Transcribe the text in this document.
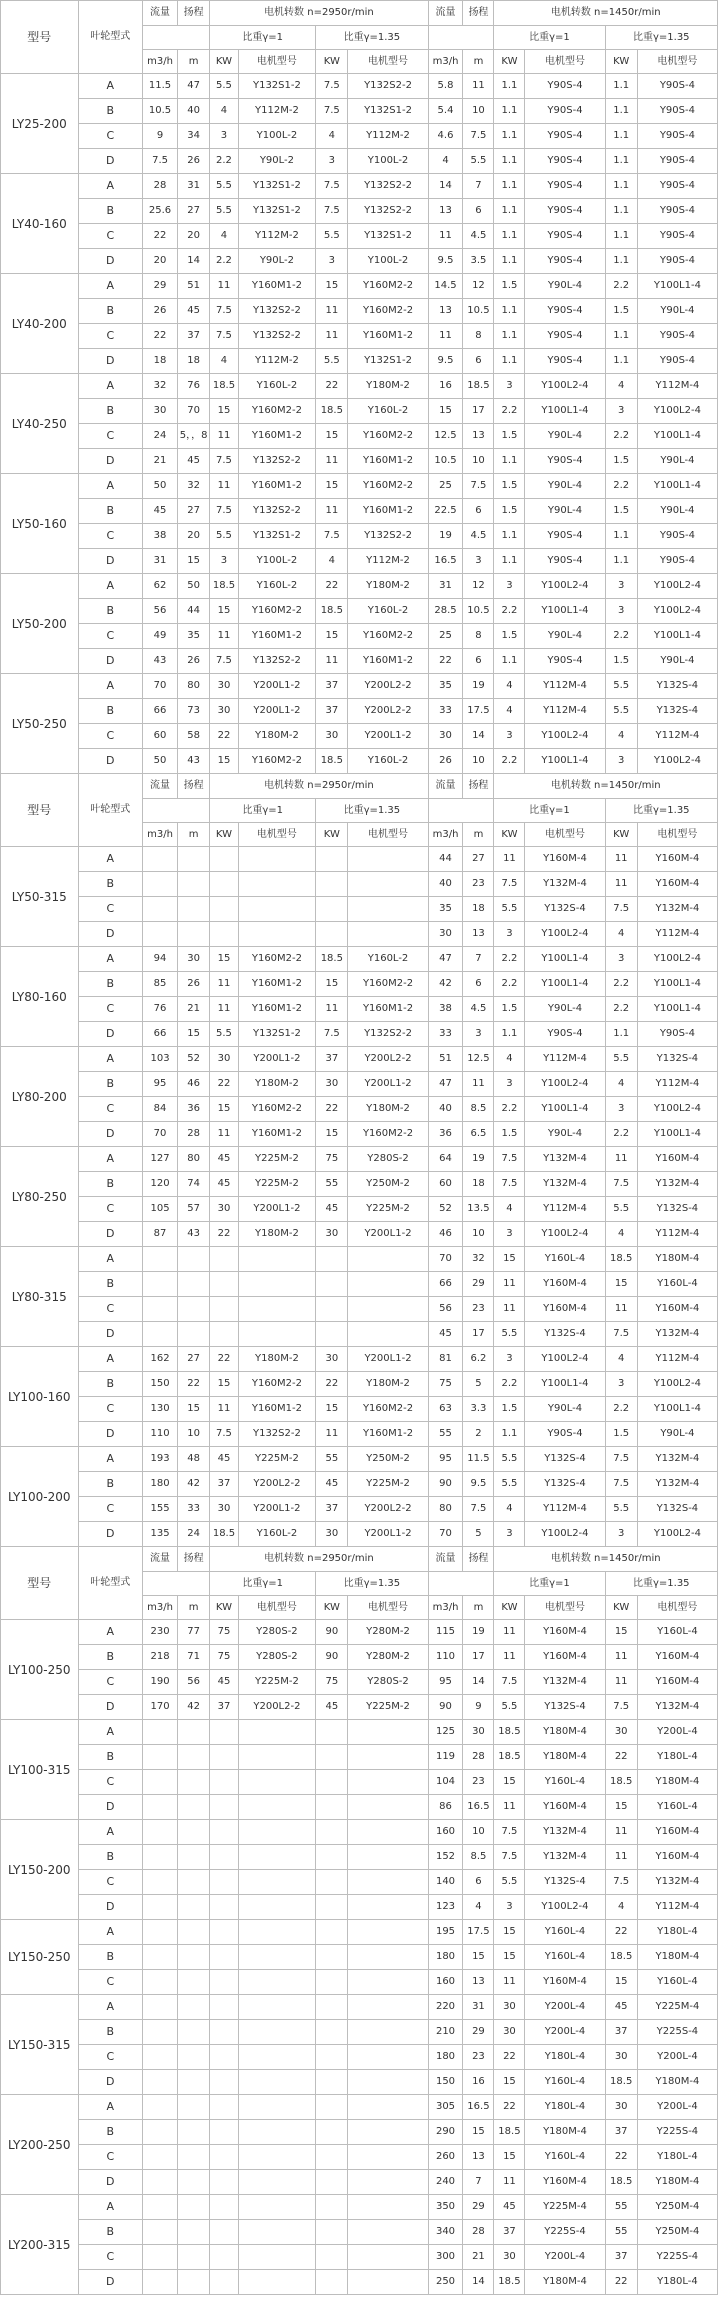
型号	叶轮型式	流量	扬程	电机转数 n=2950r/min				流量	扬程	电机转数 n=1450r/min			
				比重γ=1		比重γ=1.35				比重γ=1		比重γ=1.35	
		m3/h	m	KW	电机型号	KW	电机型号	m3/h	m	KW	电机型号	KW	电机型号
LY25-200	A	11.5	47	5.5	Y132S1-2	7.5	Y132S2-2	5.8	11	1.1	Y90S-4	1.1	Y90S-4
	B	10.5	40	4	Y112M-2	7.5	Y132S1-2	5.4	10	1.1	Y90S-4	1.1	Y90S-4
	C	9	34	3	Y100L-2	4	Y112M-2	4.6	7.5	1.1	Y90S-4	1.1	Y90S-4
	D	7.5	26	2.2	Y90L-2	3	Y100L-2	4	5.5	1.1	Y90S-4	1.1	Y90S-4
LY40-160	A	28	31	5.5	Y132S1-2	7.5	Y132S2-2	14	7	1.1	Y90S-4	1.1	Y90S-4
	B	25.6	27	5.5	Y132S1-2	7.5	Y132S2-2	13	6	1.1	Y90S-4	1.1	Y90S-4
	C	22	20	4	Y112M-2	5.5	Y132S1-2	11	4.5	1.1	Y90S-4	1.1	Y90S-4
	D	20	14	2.2	Y90L-2	3	Y100L-2	9.5	3.5	1.1	Y90S-4	1.1	Y90S-4
LY40-200	A	29	51	11	Y160M1-2	15	Y160M2-2	14.5	12	1.5	Y90L-4	2.2	Y100L1-4
	B	26	45	7.5	Y132S2-2	11	Y160M2-2	13	10.5	1.1	Y90S-4	1.5	Y90L-4
	C	22	37	7.5	Y132S2-2	11	Y160M1-2	11	8	1.1	Y90S-4	1.1	Y90S-4
	D	18	18	4	Y112M-2	5.5	Y132S1-2	9.5	6	1.1	Y90S-4	1.1	Y90S-4
LY40-250	A	32	76	18.5	Y160L-2	22	Y180M-2	16	18.5	3	Y100L2-4	4	Y112M-4
	B	30	70	15	Y160M2-2	18.5	Y160L-2	15	17	2.2	Y100L1-4	3	Y100L2-4
	C	24	5，，8	11	Y160M1-2	15	Y160M2-2	12.5	13	1.5	Y90L-4	2.2	Y100L1-4
	D	21	45	7.5	Y132S2-2	11	Y160M1-2	10.5	10	1.1	Y90S-4	1.5	Y90L-4
LY50-160	A	50	32	11	Y160M1-2	15	Y160M2-2	25	7.5	1.5	Y90L-4	2.2	Y100L1-4
	B	45	27	7.5	Y132S2-2	11	Y160M1-2	22.5	6	1.5	Y90L-4	1.5	Y90L-4
	C	38	20	5.5	Y132S1-2	7.5	Y132S2-2	19	4.5	1.1	Y90S-4	1.1	Y90S-4
	D	31	15	3	Y100L-2	4	Y112M-2	16.5	3	1.1	Y90S-4	1.1	Y90S-4
LY50-200	A	62	50	18.5	Y160L-2	22	Y180M-2	31	12	3	Y100L2-4	3	Y100L2-4
	B	56	44	15	Y160M2-2	18.5	Y160L-2	28.5	10.5	2.2	Y100L1-4	3	Y100L2-4
	C	49	35	11	Y160M1-2	15	Y160M2-2	25	8	1.5	Y90L-4	2.2	Y100L1-4
	D	43	26	7.5	Y132S2-2	11	Y160M1-2	22	6	1.1	Y90S-4	1.5	Y90L-4
LY50-250	A	70	80	30	Y200L1-2	37	Y200L2-2	35	19	4	Y112M-4	5.5	Y132S-4
	B	66	73	30	Y200L1-2	37	Y200L2-2	33	17.5	4	Y112M-4	5.5	Y132S-4
	C	60	58	22	Y180M-2	30	Y200L1-2	30	14	3	Y100L2-4	4	Y112M-4
	D	50	43	15	Y160M2-2	18.5	Y160L-2	26	10	2.2	Y100L1-4	3	Y100L2-4
型号	叶轮型式	流量	扬程	电机转数 n=2950r/min				流量	扬程	电机转数 n=1450r/min			
				比重γ=1		比重γ=1.35				比重γ=1		比重γ=1.35	
		m3/h	m	KW	电机型号	KW	电机型号	m3/h	m	KW	电机型号	KW	电机型号
LY50-315	A							44	27	11	Y160M-4	11	Y160M-4
	B							40	23	7.5	Y132M-4	11	Y160M-4
	C							35	18	5.5	Y132S-4	7.5	Y132M-4
	D							30	13	3	Y100L2-4	4	Y112M-4
LY80-160	A	94	30	15	Y160M2-2	18.5	Y160L-2	47	7	2.2	Y100L1-4	3	Y100L2-4
	B	85	26	11	Y160M1-2	15	Y160M2-2	42	6	2.2	Y100L1-4	2.2	Y100L1-4
	C	76	21	11	Y160M1-2	11	Y160M1-2	38	4.5	1.5	Y90L-4	2.2	Y100L1-4
	D	66	15	5.5	Y132S1-2	7.5	Y132S2-2	33	3	1.1	Y90S-4	1.1	Y90S-4
LY80-200	A	103	52	30	Y200L1-2	37	Y200L2-2	51	12.5	4	Y112M-4	5.5	Y132S-4
	B	95	46	22	Y180M-2	30	Y200L1-2	47	11	3	Y100L2-4	4	Y112M-4
	C	84	36	15	Y160M2-2	22	Y180M-2	40	8.5	2.2	Y100L1-4	3	Y100L2-4
	D	70	28	11	Y160M1-2	15	Y160M2-2	36	6.5	1.5	Y90L-4	2.2	Y100L1-4
LY80-250	A	127	80	45	Y225M-2	75	Y280S-2	64	19	7.5	Y132M-4	11	Y160M-4
	B	120	74	45	Y225M-2	55	Y250M-2	60	18	7.5	Y132M-4	7.5	Y132M-4
	C	105	57	30	Y200L1-2	45	Y225M-2	52	13.5	4	Y112M-4	5.5	Y132S-4
	D	87	43	22	Y180M-2	30	Y200L1-2	46	10	3	Y100L2-4	4	Y112M-4
LY80-315	A							70	32	15	Y160L-4	18.5	Y180M-4
	B							66	29	11	Y160M-4	15	Y160L-4
	C							56	23	11	Y160M-4	11	Y160M-4
	D							45	17	5.5	Y132S-4	7.5	Y132M-4
LY100-160	A	162	27	22	Y180M-2	30	Y200L1-2	81	6.2	3	Y100L2-4	4	Y112M-4
	B	150	22	15	Y160M2-2	22	Y180M-2	75	5	2.2	Y100L1-4	3	Y100L2-4
	C	130	15	11	Y160M1-2	15	Y160M2-2	63	3.3	1.5	Y90L-4	2.2	Y100L1-4
	D	110	10	7.5	Y132S2-2	11	Y160M1-2	55	2	1.1	Y90S-4	1.5	Y90L-4
LY100-200	A	193	48	45	Y225M-2	55	Y250M-2	95	11.5	5.5	Y132S-4	7.5	Y132M-4
	B	180	42	37	Y200L2-2	45	Y225M-2	90	9.5	5.5	Y132S-4	7.5	Y132M-4
	C	155	33	30	Y200L1-2	37	Y200L2-2	80	7.5	4	Y112M-4	5.5	Y132S-4
	D	135	24	18.5	Y160L-2	30	Y200L1-2	70	5	3	Y100L2-4	3	Y100L2-4
型号	叶轮型式	流量	扬程	电机转数 n=2950r/min				流量	扬程	电机转数 n=1450r/min			
				比重γ=1		比重γ=1.35				比重γ=1		比重γ=1.35	
		m3/h	m	KW	电机型号	KW	电机型号	m3/h	m	KW	电机型号	KW	电机型号
LY100-250	A	230	77	75	Y280S-2	90	Y280M-2	115	19	11	Y160M-4	15	Y160L-4
	B	218	71	75	Y280S-2	90	Y280M-2	110	17	11	Y160M-4	11	Y160M-4
	C	190	56	45	Y225M-2	75	Y280S-2	95	14	7.5	Y132M-4	11	Y160M-4
	D	170	42	37	Y200L2-2	45	Y225M-2	90	9	5.5	Y132S-4	7.5	Y132M-4
LY100-315	A							125	30	18.5	Y180M-4	30	Y200L-4
	B							119	28	18.5	Y180M-4	22	Y180L-4
	C							104	23	15	Y160L-4	18.5	Y180M-4
	D							86	16.5	11	Y160M-4	15	Y160L-4
LY150-200	A							160	10	7.5	Y132M-4	11	Y160M-4
	B							152	8.5	7.5	Y132M-4	11	Y160M-4
	C							140	6	5.5	Y132S-4	7.5	Y132M-4
	D							123	4	3	Y100L2-4	4	Y112M-4
LY150-250	A							195	17.5	15	Y160L-4	22	Y180L-4
	B							180	15	15	Y160L-4	18.5	Y180M-4
	C							160	13	11	Y160M-4	15	Y160L-4
LY150-315	A							220	31	30	Y200L-4	45	Y225M-4
	B							210	29	30	Y200L-4	37	Y225S-4
	C							180	23	22	Y180L-4	30	Y200L-4
	D							150	16	15	Y160L-4	18.5	Y180M-4
LY200-250	A							305	16.5	22	Y180L-4	30	Y200L-4
	B							290	15	18.5	Y180M-4	37	Y225S-4
	C							260	13	15	Y160L-4	22	Y180L-4
	D							240	7	11	Y160M-4	18.5	Y180M-4
LY200-315	A							350	29	45	Y225M-4	55	Y250M-4
	B							340	28	37	Y225S-4	55	Y250M-4
	C							300	21	30	Y200L-4	37	Y225S-4
	D							250	14	18.5	Y180M-4	22	Y180L-4
